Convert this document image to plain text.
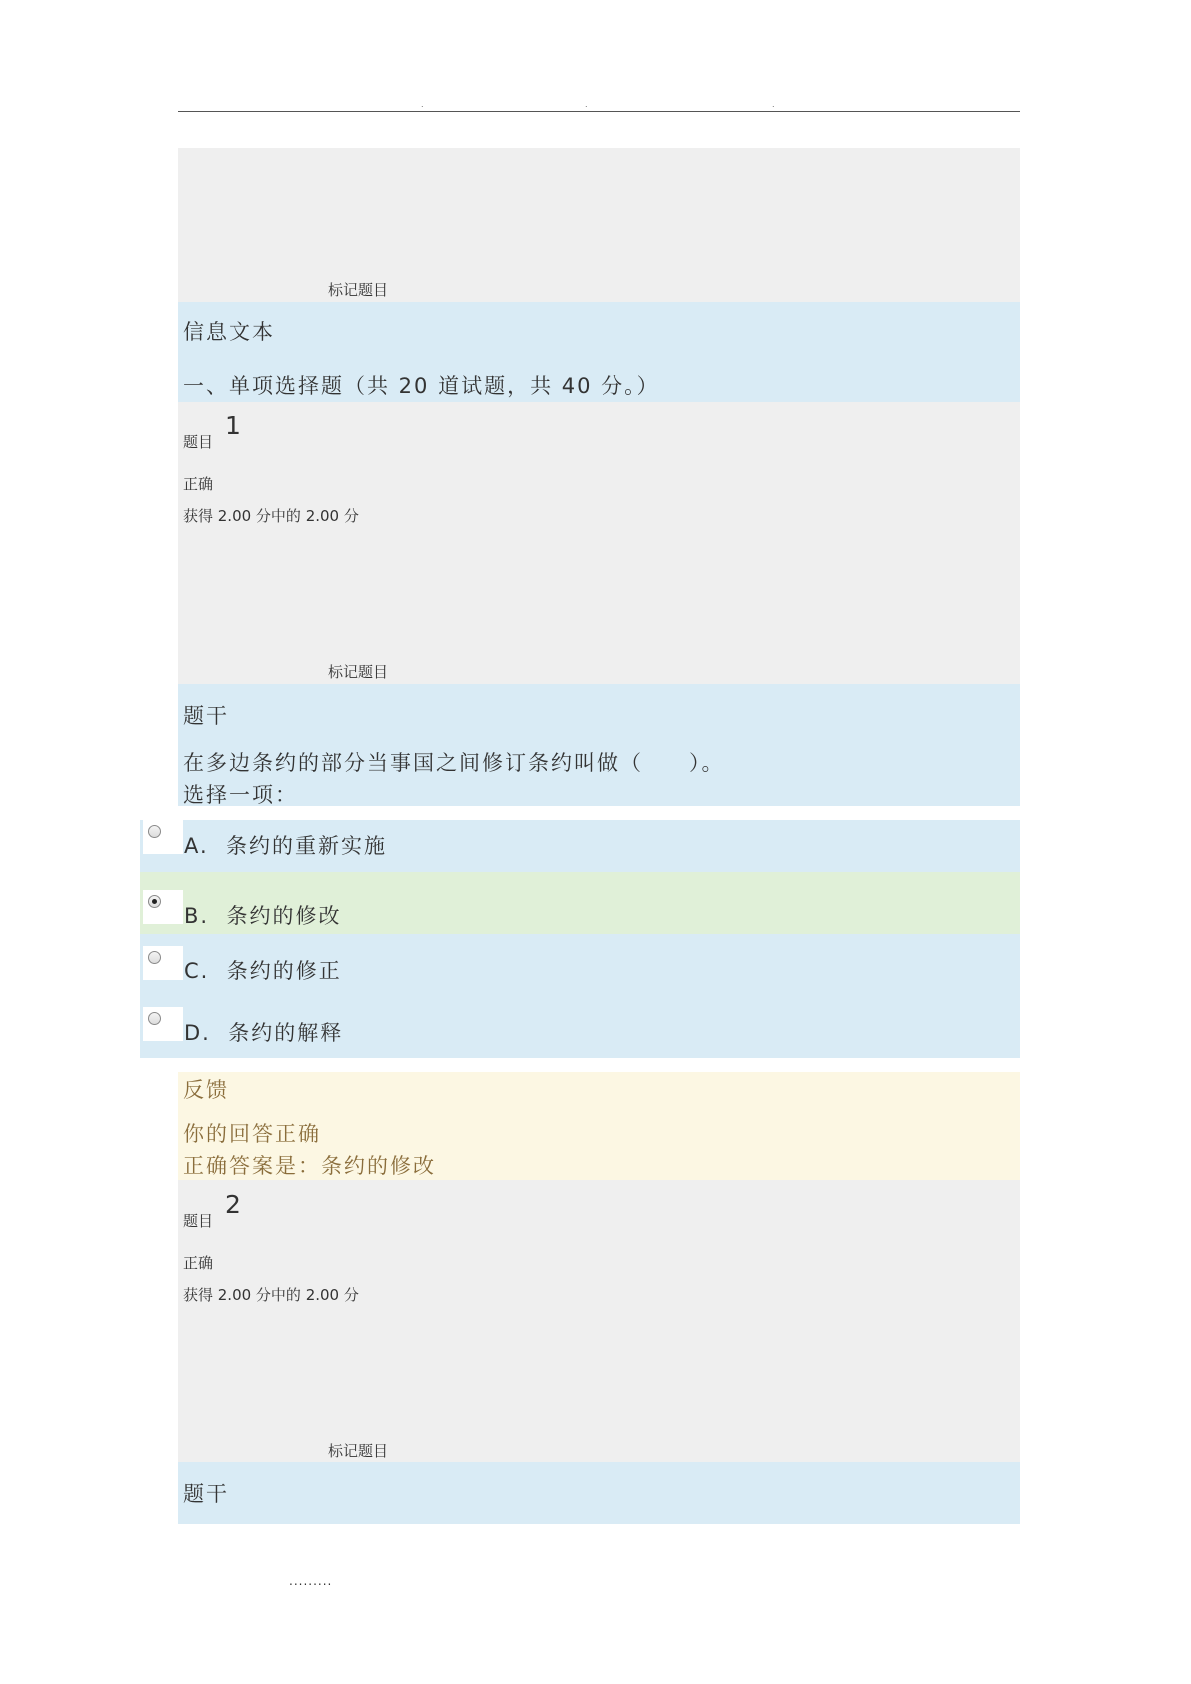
.	.	.
标记题目
信息文本
一、单项选择题（共 20 道试题，共 40 分。）
题目
1
正确
获得 2.00 分中的 2.00 分
标记题目
题干
在多边条约的部分当事国之间修订条约叫做（　　）。
选择一项：
A. 条约的重新实施
B. 条约的修改
C. 条约的修正
D. 条约的解释
反馈
你的回答正确
正确答案是：条约的修改
题目
2
正确
获得 2.00 分中的 2.00 分
标记题目
题干
.........
